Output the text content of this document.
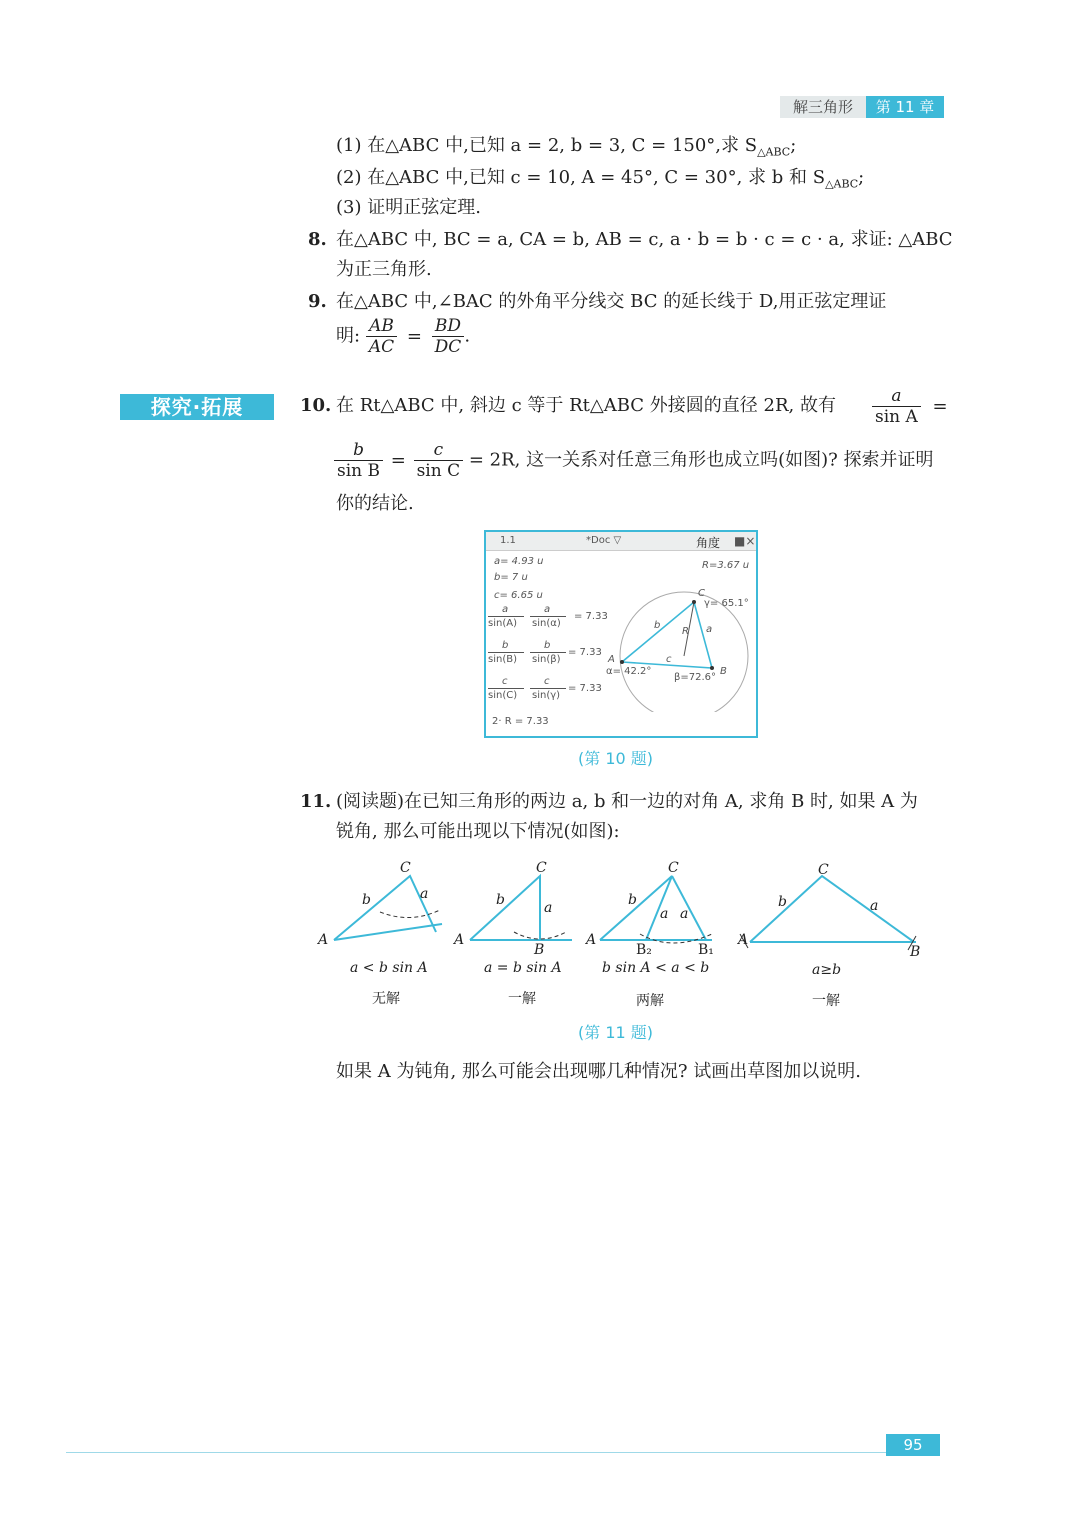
解三角形	第 11 章
(1) 在△ABC 中,已知 a = 2, b = 3, C = 150°,求 $S_{\triangle ABC}$;
(2) 在△ABC 中,已知 c = 10, A = 45°, C = 30°, 求 b 和 $S_{\triangle ABC}$;
(3) 证明正弦定理.
8. 在△ABC 中, BC = a, CA = b, AB = c, a · b = b · c = c · a, 求证: △ABC
为正三角形.
9. 在△ABC 中,∠BAC 的外角平分线交 BC 的延长线于 D,用正弦定理证
明: $\frac{AB}{AC} = \frac{BD}{DC}$ .
探究·拓展	10. 在 Rt△ABC 中, 斜边 c 等于 Rt△ABC 外接圆的直径 2R, 故有 $\frac{a}{\text{sin A}}$ =
$\frac{b}{\text{sin B}} = \frac{c}{\text{sin C}} = 2R$, 这一关系对任意三角形也成立吗(如图)? 探索并证明
你的结论.
1.1	*Doc ▽	角度 ■×
a= 4.93 u
b= 7 u
c= 6.65 u
R=3.67 u
a
sin(A)
a
sin(α)
= 7.33
b
sin(B)
b
sin(β)
= 7.33
c
sin(C)
c
sin(γ)
= 7.33
2· R = 7.33
C
γ= 65.1°
b
R a
c
A
α= 42.2°
β=72.6°
B
(第 10 题)
11. (阅读题)在已知三角形的两边 a, b 和一边的对角 A, 求角 B 时, 如果 A 为
锐角, 那么可能出现以下情况(如图):
A
C
b	a
A
C
b	a
B
A
C
b
a a
B₂	B₁
A
C
b	a
B
a < b sin A	a = b sin A	b sin A < a < b	a≥b
无解	一解	两解	一解
(第 11 题)
如果 A 为钝角, 那么可能会出现哪几种情况? 试画出草图加以说明.
95
